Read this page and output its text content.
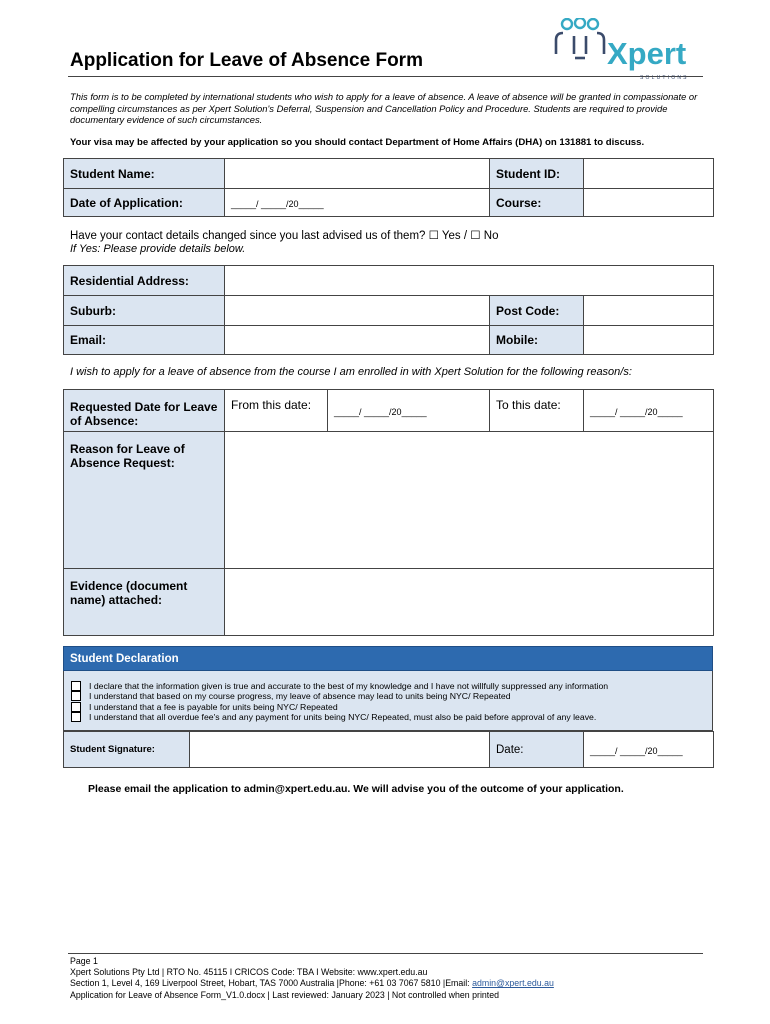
Application for Leave of Absence Form	Xpert
SOLUTIONS
This form is to be completed by international students who wish to apply for a leave of absence. A leave of absence will be granted in compassionate or compelling circumstances as per Xpert Solution's Deferral, Suspension and Cancellation Policy and Procedure. Students are required to provide documentary evidence of such circumstances.
Your visa may be affected by your application so you should contact Department of Home Affairs (DHA) on 131881 to discuss.
Student Name:		Student ID:	
Date of Application:	_____/ _____/20_____	Course:	
Have your contact details changed since you last advised us of them? ☐ Yes / ☐ No
If Yes: Please provide details below.
Residential Address:			
Suburb:		Post Code:	
Email:		Mobile:	
I wish to apply for a leave of absence from the course I am enrolled in with Xpert Solution for the following reason/s:
Requested Date for Leave of Absence:	From this date:	_____/ _____/20_____	To this date:	_____/ _____/20_____
Reason for Leave of Absence Request:				
Evidence (document name) attached:				
Student Declaration
I declare that the information given is true and accurate to the best of my knowledge and I have not willfully suppressed any information
I understand that based on my course progress, my leave of absence may lead to units being NYC/ Repeated
I understand that a fee is payable for units being NYC/ Repeated
I understand that all overdue fee's and any payment for units being NYC/ Repeated, must also be paid before approval of any leave.
Student Signature:		Date:	_____/ _____/20_____
Please email the application to admin@xpert.edu.au. We will advise you of the outcome of your application.
Page 1
Xpert Solutions Pty Ltd | RTO No. 45115 I CRICOS Code: TBA I Website: www.xpert.edu.au
Section 1, Level 4, 169 Liverpool Street, Hobart, TAS 7000 Australia |Phone: +61 03 7067 5810 |Email: admin@xpert.edu.au
Application for Leave of Absence Form_V1.0.docx | Last reviewed: January 2023 | Not controlled when printed
